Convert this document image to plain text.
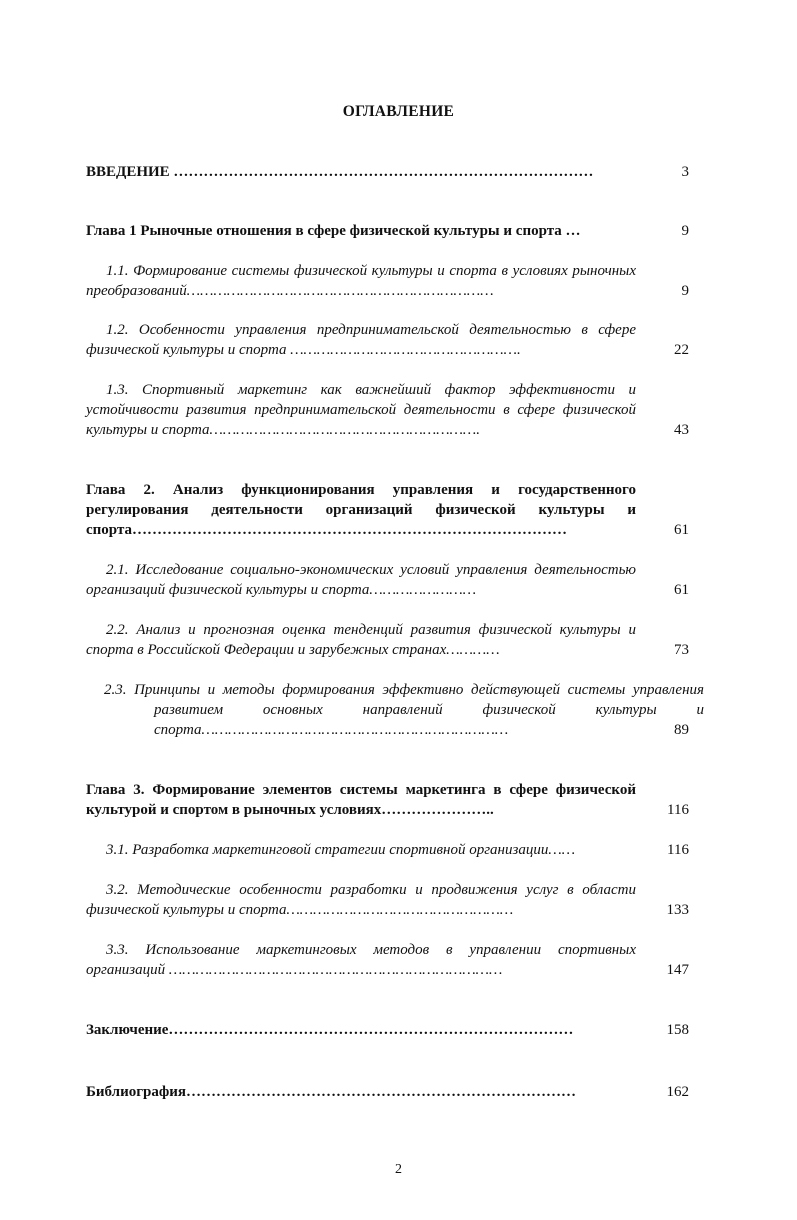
ОГЛАВЛЕНИЕ
ВВЕДЕНИЕ …………………………………………………………………………	3
Глава 1 Рыночные отношения в сфере физической культуры и спорта …	9
1.1. Формирование системы физической культуры и спорта в условиях рыночных преобразований……………………………………………………………	9
1.2. Особенности управления предпринимательской деятельностью в сфере физической культуры и спорта …………………………………………….	22
1.3. Спортивный маркетинг как важнейший фактор эффективности и устойчивости развития предпринимательской деятельности в сфере физической культуры и спорта…………………………………………………….	43
Глава 2. Анализ функционирования управления и государственного регулирования деятельности организаций физической культуры и спорта……………………………………………………………………………	61
2.1. Исследование социально-экономических условий управления деятельностью организаций физической культуры и спорта……………………	61
2.2. Анализ и прогнозная оценка тенденций развития физической культуры и спорта в Российской Федерации и зарубежных странах…………	73
2.3. Принципы и методы формирования эффективно действующей системы управления развитием основных направлений физической культуры и спорта……………………………………………………………	89
Глава 3. Формирование элементов системы маркетинга в сфере физической культурой и спортом в рыночных условиях…………………..	116
3.1. Разработка маркетинговой стратегии спортивной организации……	116
3.2. Методические особенности разработки и продвижения услуг в области физической культуры и спорта……………………………………………	133
3.3. Использование маркетинговых методов в управлении спортивных организаций …………………………………………………………………	147
Заключение………………………………………………………………………	158
Библиография……………………………………………………………………	162
2
